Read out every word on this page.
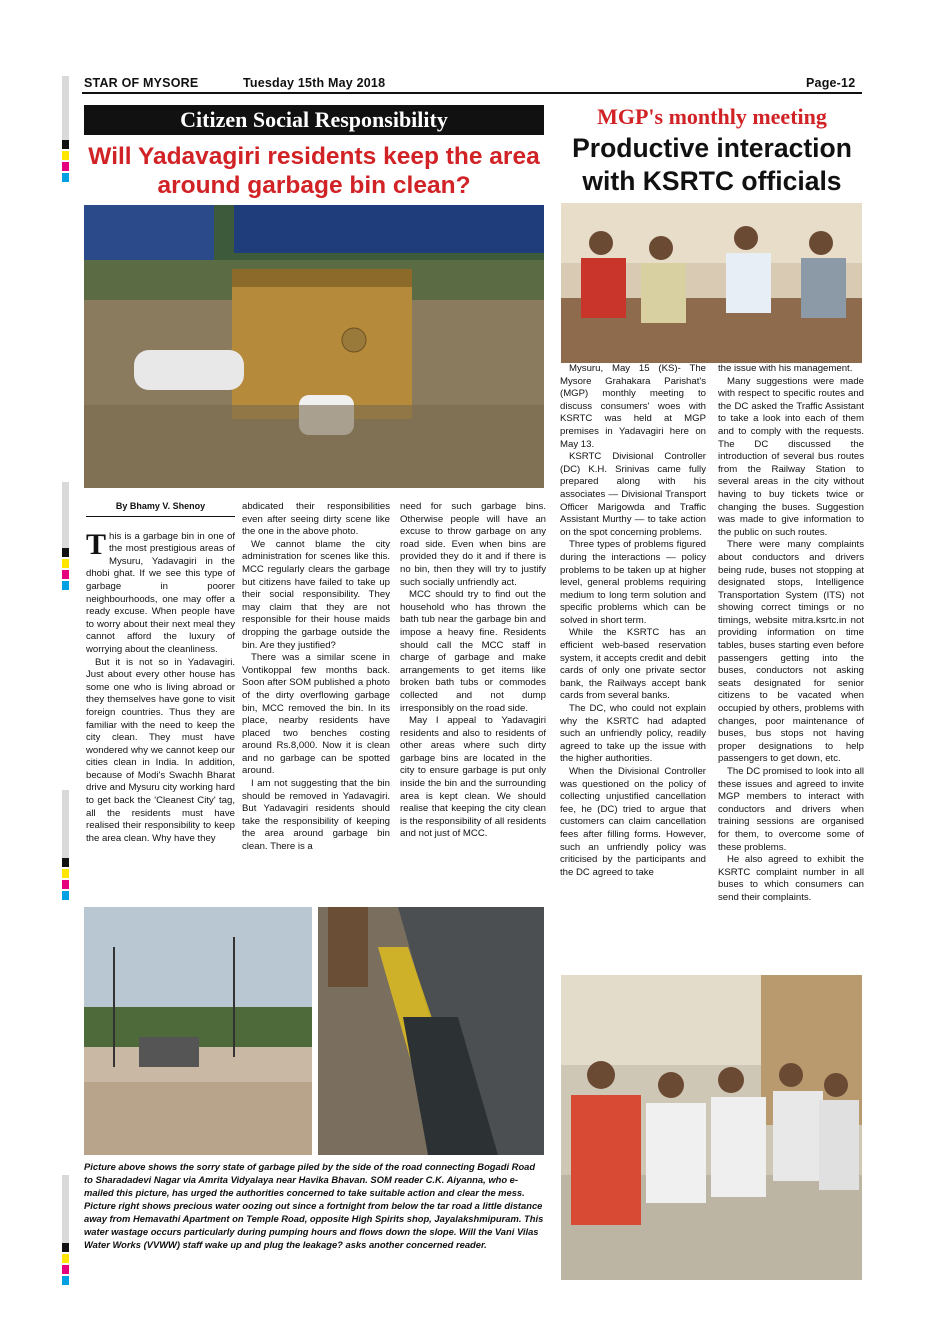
STAR OF MYSORE	Tuesday 15th May 2018	Page-12
Citizen Social Responsibility
Will Yadavagiri residents keep the area around garbage bin clean?
By Bhamy V. Shenoy
T his is a garbage bin in one of the most prestigious areas of Mysuru, Yadavagiri in the dhobi ghat. If we see this type of garbage in poorer neighbourhoods, one may offer a ready excuse. When people have to worry about their next meal they cannot afford the luxury of worrying about the cleanliness.

But it is not so in Yadavagiri. Just about every other house has some one who is living abroad or they themselves have gone to visit foreign countries. Thus they are familiar with the need to keep the city clean. They must have wondered why we cannot keep our cities clean in India. In addition, because of Modi's Swachh Bharat drive and Mysuru city working hard to get back the 'Cleanest City' tag, all the residents must have realised their responsibility to keep the area clean. Why have they

abdicated their responsibilities even after seeing dirty scene like the one in the above photo.

We cannot blame the city administration for scenes like this. MCC regularly clears the garbage but citizens have failed to take up their social responsibility. They may claim that they are not responsible for their house maids dropping the garbage outside the bin. Are they justified?

There was a similar scene in Vontikoppal few months back. Soon after SOM published a photo of the dirty overflowing garbage bin, MCC removed the bin. In its place, nearby residents have placed two benches costing around Rs.8,000. Now it is clean and no garbage can be spotted around.

I am not suggesting that the bin should be removed in Yadavagiri. But Yadavagiri residents should take the responsibility of keeping the area around garbage bin clean. There is a

need for such garbage bins. Otherwise people will have an excuse to throw garbage on any road side. Even when bins are provided they do it and if there is no bin, then they will try to justify such socially unfriendly act.

MCC should try to find out the household who has thrown the bath tub near the garbage bin and impose a heavy fine. Residents should call the MCC staff in charge of garbage and make arrangements to get items like broken bath tubs or commodes collected and not dump irresponsibly on the road side.

May I appeal to Yadavagiri residents and also to residents of other areas where such dirty garbage bins are located in the city to ensure garbage is put only inside the bin and the surrounding area is kept clean. We should realise that keeping the city clean is the responsibility of all residents and not just of MCC.

Picture above shows the sorry state of garbage piled by the side of the road connecting Bogadi Road to Sharadadevi Nagar via Amrita Vidyalaya near Havika Bhavan. SOM reader C.K. Aiyanna, who e-mailed this picture, has urged the authorities concerned to take suitable action and clear the mess. Picture right shows precious water oozing out since a fortnight from below the tar road a little distance away from Hemavathi Apartment on Temple Road, opposite High Spirits shop, Jayalakshmipuram. This water wastage occurs particularly during pumping hours and flows down the slope. Will the Vani Vilas Water Works (VVWW) staff wake up and plug the leakage? asks another concerned reader.
MGP's monthly meeting
Productive interaction with KSRTC officials

Mysuru, May 15 (KS)- The Mysore Grahakara Parishat's (MGP) monthly meeting to discuss consumers' woes with KSRTC was held at MGP premises in Yadavagiri here on May 13.

KSRTC Divisional Controller (DC) K.H. Srinivas came fully prepared along with his associates — Divisional Transport Officer Marigowda and Traffic Assistant Murthy — to take action on the spot concerning problems.

Three types of problems figured during the interactions — policy problems to be taken up at higher level, general problems requiring medium to long term solution and specific problems which can be solved in short term.

While the KSRTC has an efficient web-based reservation system, it accepts credit and debit cards of only one private sector bank, the Railways accept bank cards from several banks.

The DC, who could not explain why the KSRTC had adapted such an unfriendly policy, readily agreed to take up the issue with the higher authorities.

When the Divisional Controller was questioned on the policy of collecting unjustified cancellation fee, he (DC) tried to argue that customers can claim cancellation fees after filling forms. However, such an unfriendly policy was criticised by the participants and the DC agreed to take

the issue with his management.

Many suggestions were made with respect to specific routes and the DC asked the Traffic Assistant to take a look into each of them and to comply with the requests. The DC discussed the introduction of several bus routes from the Railway Station to several areas in the city without having to buy tickets twice or changing the buses. Suggestion was made to give information to the public on such routes.

There were many complaints about conductors and drivers being rude, buses not stopping at designated stops, Intelligence Transportation System (ITS) not showing correct timings or no timings, website mitra.ksrtc.in not providing information on time tables, buses starting even before passengers getting into the buses, conductors not asking seats designated for senior citizens to be vacated when occupied by others, problems with changes, poor maintenance of buses, bus stops not having proper designations to help passengers to get down, etc.

The DC promised to look into all these issues and agreed to invite MGP members to interact with conductors and drivers when training sessions are organised for them, to overcome some of these problems.

He also agreed to exhibit the KSRTC complaint number in all buses to which consumers can send their complaints.
